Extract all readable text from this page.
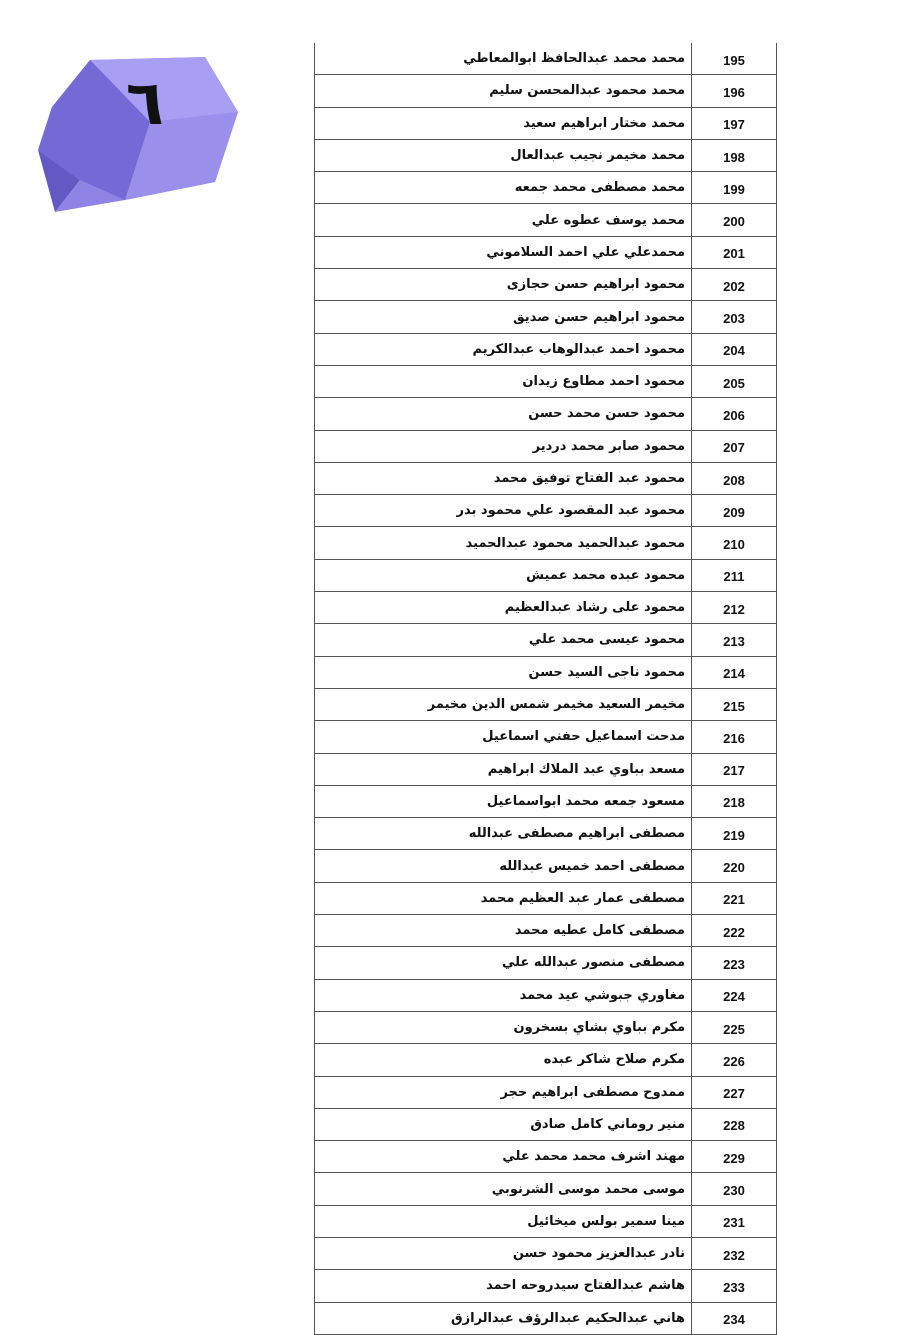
٦
محمد محمد عبدالحافظ ابوالمعاطي	195
محمد محمود عبدالمحسن سليم	196
محمد مختار ابراهيم سعيد	197
محمد مخيمر نجيب عبدالعال	198
محمد مصطفى محمد جمعه	199
محمد يوسف عطوه علي	200
محمدعلي علي احمد السلاموني	201
محمود ابراهيم حسن حجازى	202
محمود ابراهيم حسن صديق	203
محمود احمد عبدالوهاب عبدالكريم	204
محمود احمد مطاوع زيدان	205
محمود حسن محمد حسن	206
محمود صابر محمد دردير	207
محمود عبد الفتاح توفيق محمد	208
محمود عبد المقصود علي محمود بدر	209
محمود عبدالحميد محمود عبدالحميد	210
محمود عبده محمد عميش	211
محمود على رشاد عبدالعظيم	212
محمود عيسى محمد علي	213
محمود ناجى السيد حسن	214
مخيمر السعيد مخيمر شمس الدين مخيمر	215
مدحت اسماعيل حفني اسماعيل	216
مسعد بباوي عبد الملاك ابراهيم	217
مسعود جمعه محمد ابواسماعيل	218
مصطفى ابراهيم مصطفى عبدالله	219
مصطفى احمد خميس عبدالله	220
مصطفى عمار عبد العظيم محمد	221
مصطفى كامل عطيه محمد	222
مصطفى منصور عبدالله علي	223
مغاوري جبوشي عيد محمد	224
مكرم بباوي بشاي بسخرون	225
مكرم صلاح شاكر عبده	226
ممدوح مصطفى ابراهيم حجر	227
منير روماني كامل صادق	228
مهند اشرف محمد محمد علي	229
موسى محمد موسى الشرنوبي	230
مينا سمير بولس ميخائيل	231
نادر عبدالعزيز محمود حسن	232
هاشم عبدالفتاح سيدروحه احمد	233
هاني عبدالحكيم عبدالرؤف عبدالرازق	234
